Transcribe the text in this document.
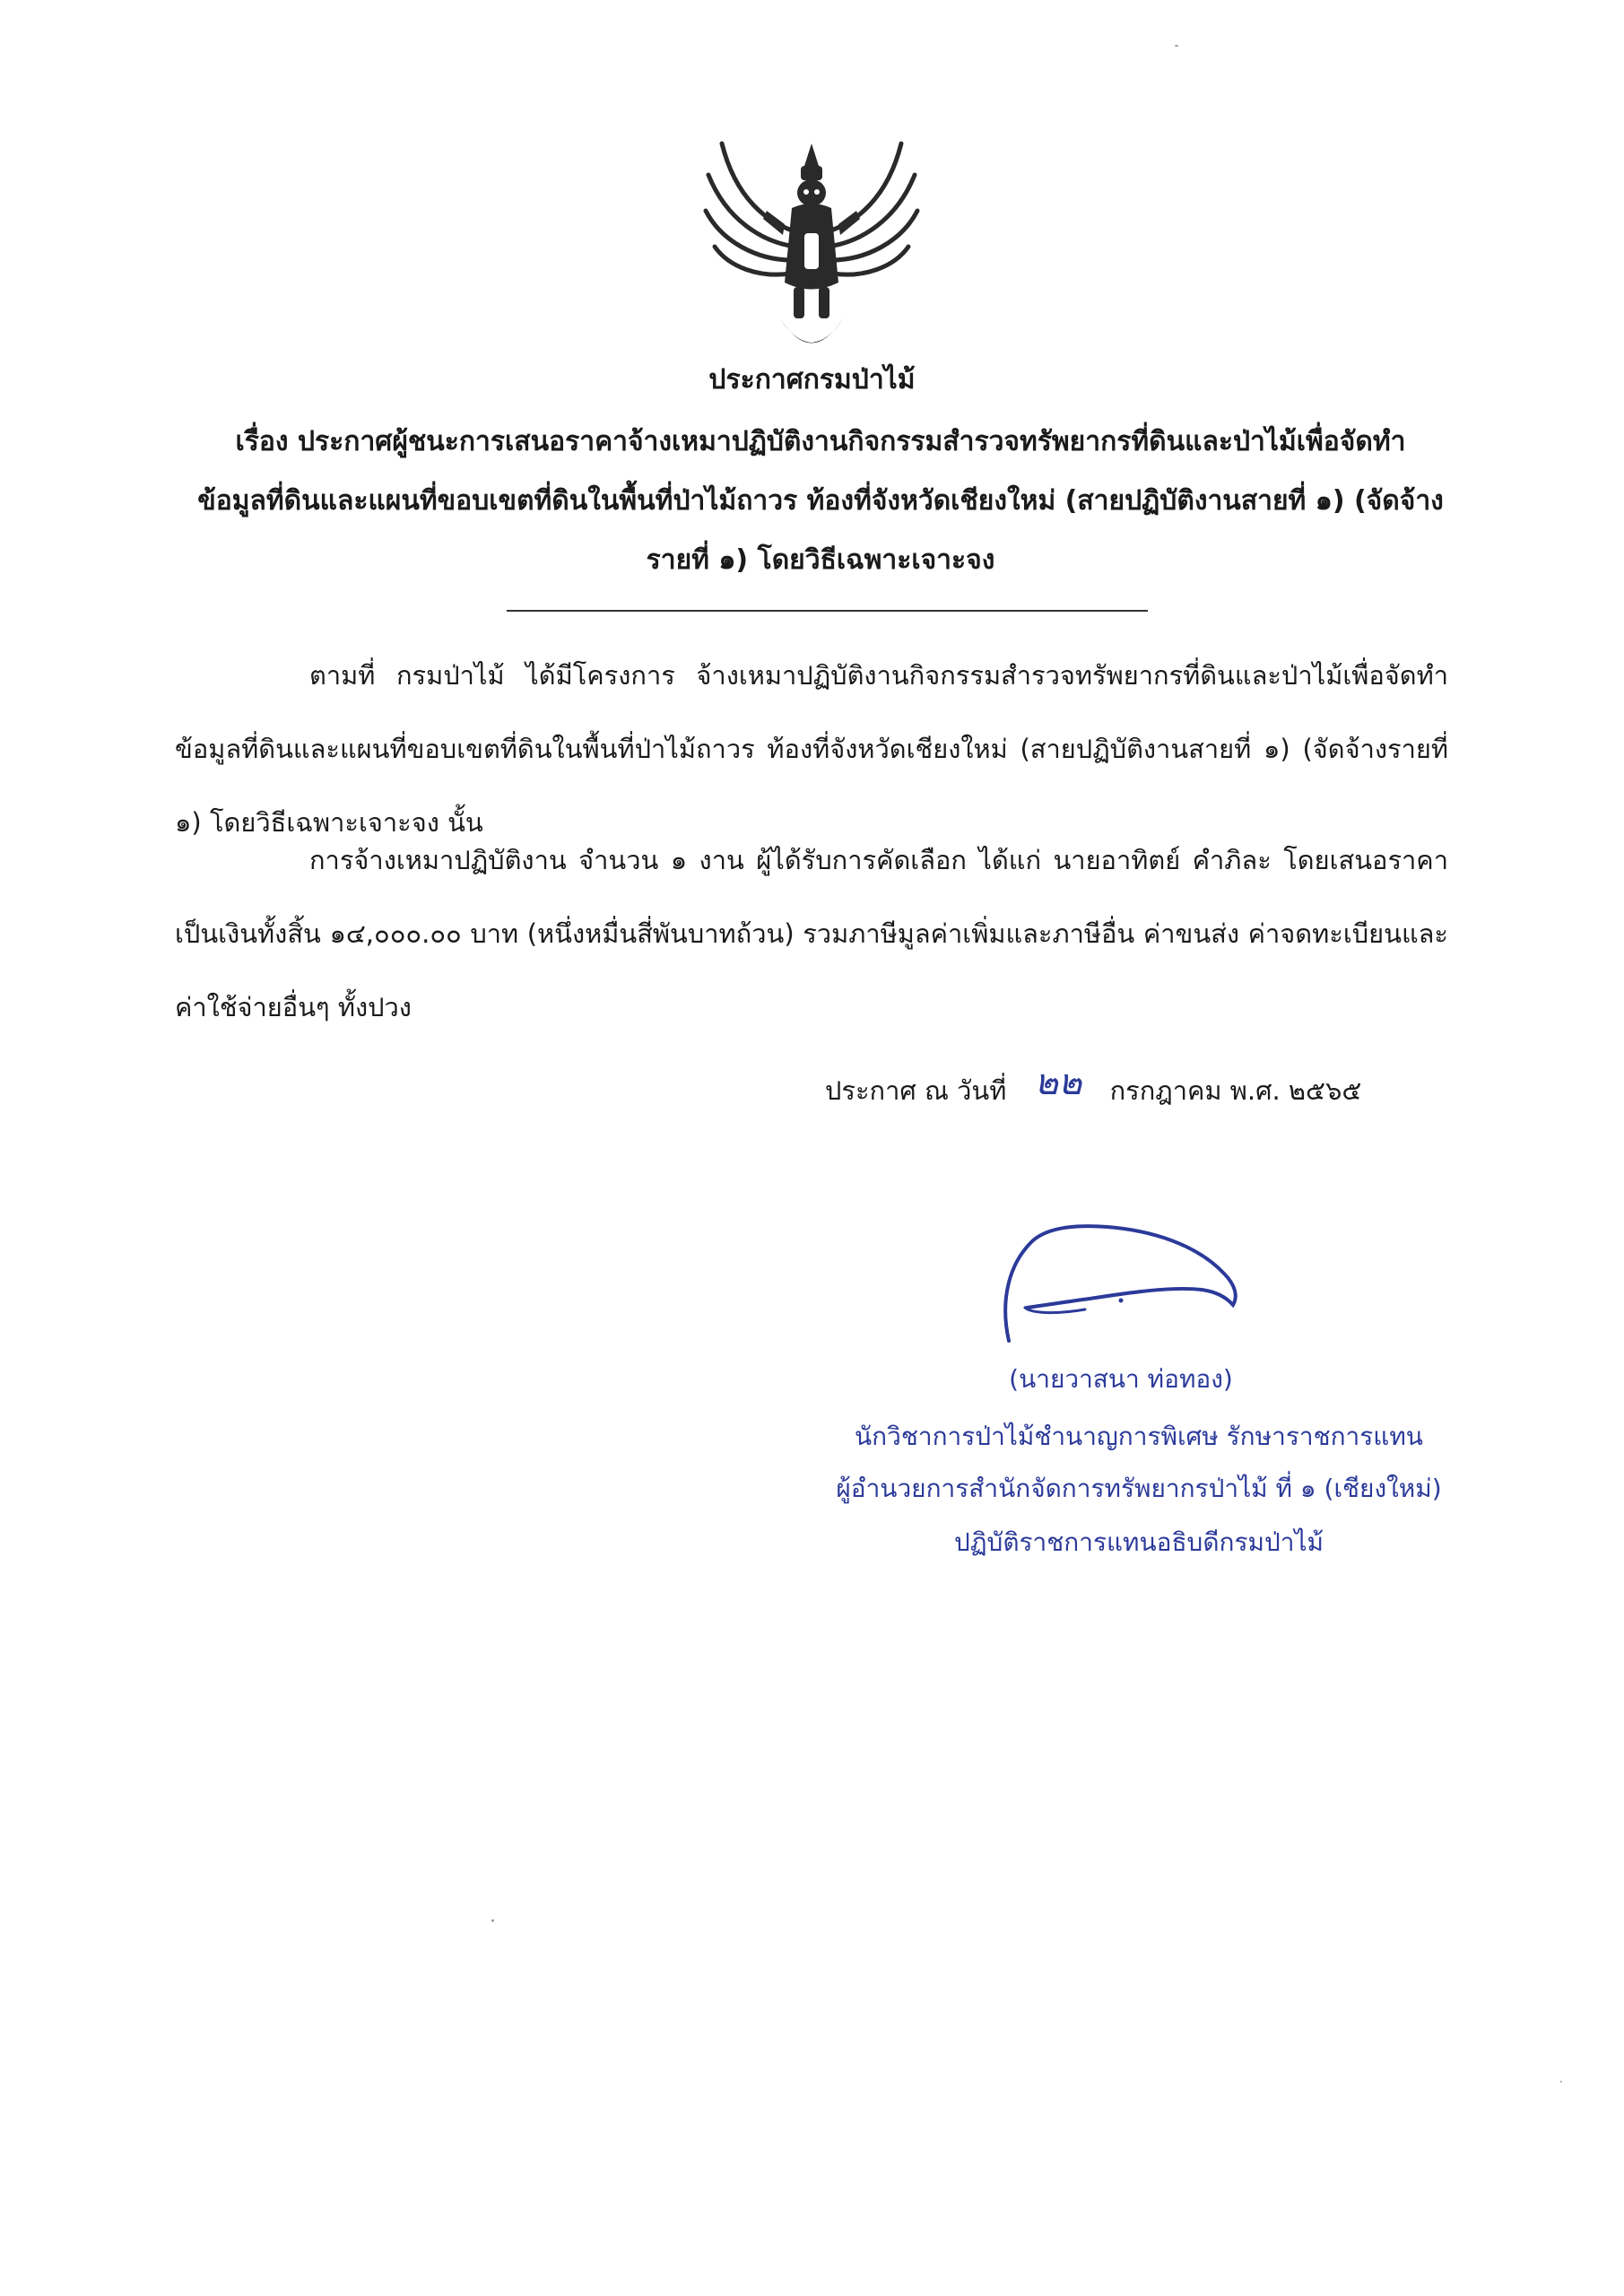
ประกาศกรมป่าไม้
เรื่อง ประกาศผู้ชนะการเสนอราคาจ้างเหมาปฏิบัติงานกิจกรรมสำรวจทรัพยากรที่ดินและป่าไม้เพื่อจัดทำ
ข้อมูลที่ดินและแผนที่ขอบเขตที่ดินในพื้นที่ป่าไม้ถาวร ท้องที่จังหวัดเชียงใหม่ (สายปฏิบัติงานสายที่ ๑) (จัดจ้าง
รายที่ ๑) โดยวิธีเฉพาะเจาะจง
ตามที่ กรมป่าไม้ ได้มีโครงการ จ้างเหมาปฏิบัติงานกิจกรรมสำรวจทรัพยากรที่ดินและป่าไม้เพื่อจัดทำข้อมูลที่ดินและแผนที่ขอบเขตที่ดินในพื้นที่ป่าไม้ถาวร ท้องที่จังหวัดเชียงใหม่ (สายปฏิบัติงานสายที่ ๑) (จัดจ้างรายที่ ๑) โดยวิธีเฉพาะเจาะจง นั้น
การจ้างเหมาปฏิบัติงาน จำนวน ๑ งาน ผู้ได้รับการคัดเลือก ได้แก่ นายอาทิตย์ คำภิละ โดยเสนอราคาเป็นเงินทั้งสิ้น ๑๔,๐๐๐.๐๐ บาท (หนึ่งหมื่นสี่พันบาทถ้วน) รวมภาษีมูลค่าเพิ่มและภาษีอื่น ค่าขนส่ง ค่าจดทะเบียนและค่าใช้จ่ายอื่นๆ ทั้งปวง
ประกาศ ณ วันที่ ๒๒ กรกฎาคม พ.ศ. ๒๕๖๕
(นายวาสนา ท่อทอง)
นักวิชาการป่าไม้ชำนาญการพิเศษ รักษาราชการแทน
ผู้อำนวยการสำนักจัดการทรัพยากรป่าไม้ ที่ ๑ (เชียงใหม่)
ปฏิบัติราชการแทนอธิบดีกรมป่าไม้
